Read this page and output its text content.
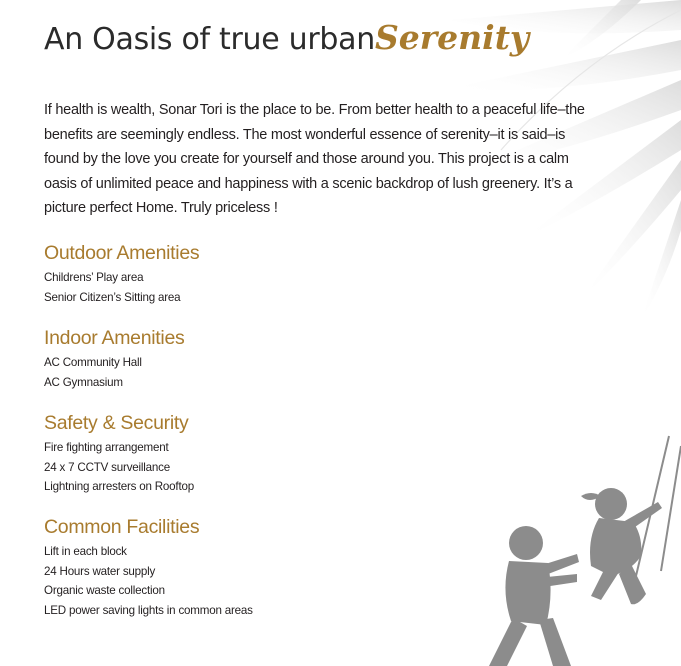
An Oasis of true urbanSerenity

If health is wealth, Sonar Tori is the place to be. From better health to a peaceful life–the benefits are seemingly endless. The most wonderful essence of serenity–it is said–is found by the love you create for yourself and those around you. This project is a calm oasis of unlimited peace and happiness with a scenic backdrop of lush greenery. It’s a picture perfect Home. Truly priceless !

Outdoor Amenities
Childrens’ Play area
Senior Citizen’s Sitting area
Indoor Amenities
AC Community Hall
AC Gymnasium
Safety & Security
Fire fighting arrangement
24 x 7 CCTV surveillance
Lightning arresters on Rooftop
Common Facilities
Lift in each block
24 Hours water supply
Organic waste collection
LED power saving lights in common areas
